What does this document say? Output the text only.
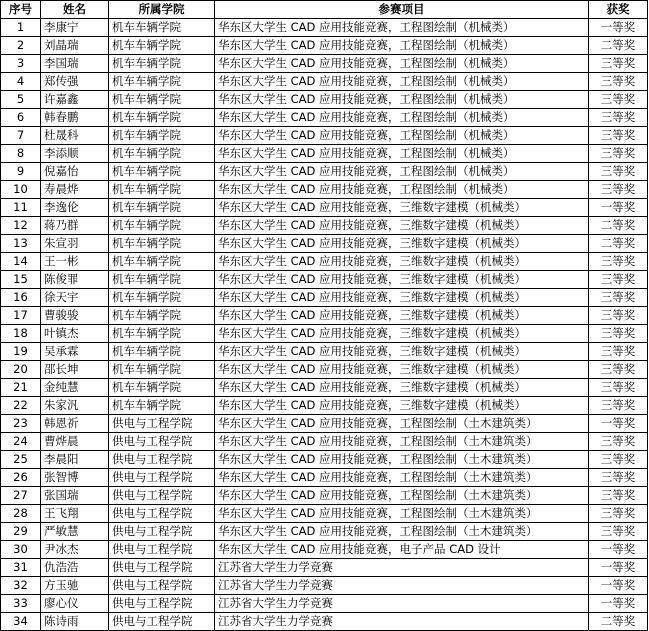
序号	姓名	所属学院	参赛项目	获奖
1	李康宁	机车车辆学院	华东区大学生 CAD 应用技能竞赛，工程图绘制（机械类）	一等奖
2	刘晶瑞	机车车辆学院	华东区大学生 CAD 应用技能竞赛，工程图绘制（机械类）	二等奖
3	李国瑞	机车车辆学院	华东区大学生 CAD 应用技能竞赛，工程图绘制（机械类）	三等奖
4	郑传强	机车车辆学院	华东区大学生 CAD 应用技能竞赛，工程图绘制（机械类）	三等奖
5	许嘉鑫	机车车辆学院	华东区大学生 CAD 应用技能竞赛，工程图绘制（机械类）	三等奖
6	韩春鹏	机车车辆学院	华东区大学生 CAD 应用技能竞赛，工程图绘制（机械类）	三等奖
7	杜晟科	机车车辆学院	华东区大学生 CAD 应用技能竞赛，工程图绘制（机械类）	三等奖
8	李添顺	机车车辆学院	华东区大学生 CAD 应用技能竞赛，工程图绘制（机械类）	三等奖
9	倪嘉怡	机车车辆学院	华东区大学生 CAD 应用技能竞赛，工程图绘制（机械类）	三等奖
10	寿晨烨	机车车辆学院	华东区大学生 CAD 应用技能竞赛，工程图绘制（机械类）	三等奖
11	李逸伦	机车车辆学院	华东区大学生 CAD 应用技能竞赛，三维数字建模（机械类）	一等奖
12	蒋乃群	机车车辆学院	华东区大学生 CAD 应用技能竞赛，三维数字建模（机械类）	二等奖
13	朱宣羽	机车车辆学院	华东区大学生 CAD 应用技能竞赛，三维数字建模（机械类）	二等奖
14	王一彬	机车车辆学院	华东区大学生 CAD 应用技能竞赛，三维数字建模（机械类）	三等奖
15	陈俊罪	机车车辆学院	华东区大学生 CAD 应用技能竞赛，三维数字建模（机械类）	三等奖
16	徐天宇	机车车辆学院	华东区大学生 CAD 应用技能竞赛，三维数字建模（机械类）	三等奖
17	曹骏骏	机车车辆学院	华东区大学生 CAD 应用技能竞赛，三维数字建模（机械类）	三等奖
18	叶镇杰	机车车辆学院	华东区大学生 CAD 应用技能竞赛，三维数字建模（机械类）	三等奖
19	吴承霖	机车车辆学院	华东区大学生 CAD 应用技能竞赛，三维数字建模（机械类）	三等奖
20	邵长坤	机车车辆学院	华东区大学生 CAD 应用技能竞赛，三维数字建模（机械类）	三等奖
21	金纯慧	机车车辆学院	华东区大学生 CAD 应用技能竞赛，三维数字建模（机械类）	三等奖
22	朱家汎	机车车辆学院	华东区大学生 CAD 应用技能竞赛，三维数字建模（机械类）	三等奖
23	韩恩祈	供电与工程学院	华东区大学生 CAD 应用技能竞赛，工程图绘制（土木建筑类）	一等奖
24	曹烨晨	供电与工程学院	华东区大学生 CAD 应用技能竞赛，工程图绘制（土木建筑类）	三等奖
25	李晨阳	供电与工程学院	华东区大学生 CAD 应用技能竞赛，工程图绘制（土木建筑类）	三等奖
26	张智博	供电与工程学院	华东区大学生 CAD 应用技能竞赛，工程图绘制（土木建筑类）	三等奖
27	张国瑞	供电与工程学院	华东区大学生 CAD 应用技能竞赛，工程图绘制（土木建筑类）	三等奖
28	王飞翔	供电与工程学院	华东区大学生 CAD 应用技能竞赛，工程图绘制（土木建筑类）	三等奖
29	严敏慧	供电与工程学院	华东区大学生 CAD 应用技能竞赛，工程图绘制（土木建筑类）	三等奖
30	尹冰杰	供电与工程学院	华东区大学生 CAD 应用技能竞赛，电子产品 CAD 设计	一等奖
31	仇浩浩	供电与工程学院	江苏省大学生力学竞赛	一等奖
32	方玉驰	供电与工程学院	江苏省大学生力学竞赛	一等奖
33	廖心仪	供电与工程学院	江苏省大学生力学竞赛	一等奖
34	陈诗雨	供电与工程学院	江苏省大学生力学竞赛	二等奖
